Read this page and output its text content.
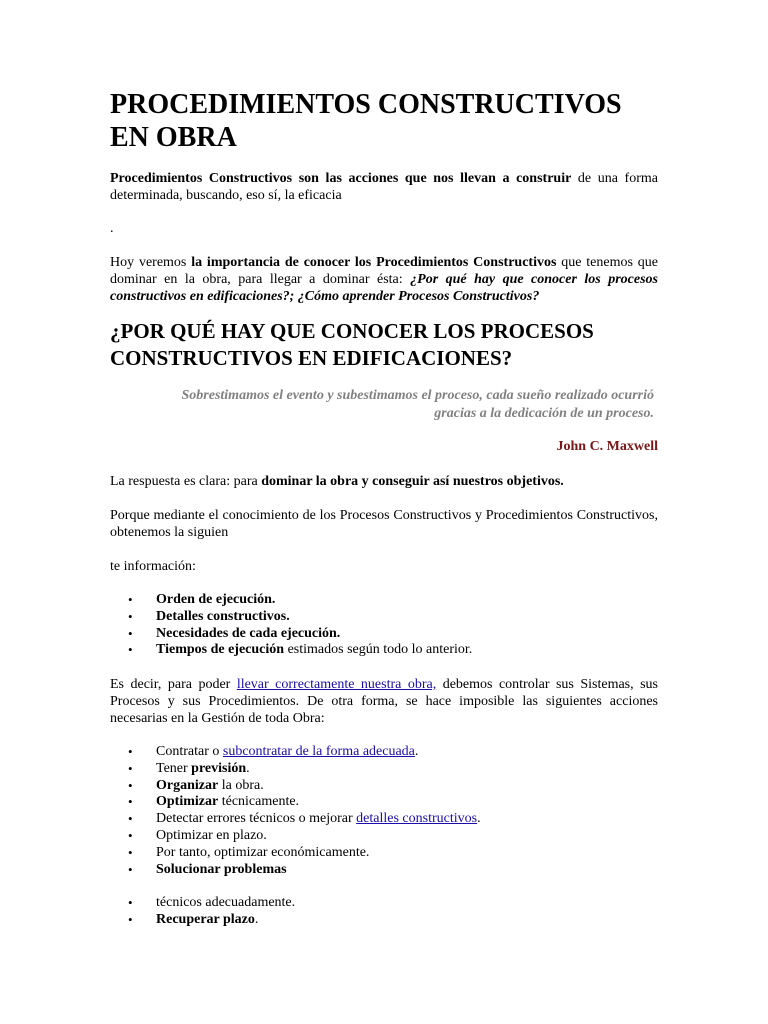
PROCEDIMIENTOS CONSTRUCTIVOS EN OBRA

Procedimientos Constructivos son las acciones que nos llevan a construir de una forma determinada, buscando, eso sí, la eficacia

.

Hoy veremos la importancia de conocer los Procedimientos Constructivos que tenemos que dominar en la obra, para llegar a dominar ésta: ¿Por qué hay que conocer los procesos constructivos en edificaciones?; ¿Cómo aprender Procesos Constructivos?

¿POR QUÉ HAY QUE CONOCER LOS PROCESOS CONSTRUCTIVOS EN EDIFICACIONES?
Sobrestimamos el evento y subestimamos el proceso, cada sueño realizado ocurrió
gracias a la dedicación de un proceso.
John C. Maxwell

La respuesta es clara: para dominar la obra y conseguir así nuestros objetivos.

Porque mediante el conocimiento de los Procesos Constructivos y Procedimientos Constructivos, obtenemos la siguien

te información:

• Orden de ejecución.
• Detalles constructivos.
• Necesidades de cada ejecución.
• Tiempos de ejecución estimados según todo lo anterior.

Es decir, para poder llevar correctamente nuestra obra, debemos controlar sus Sistemas, sus Procesos y sus Procedimientos. De otra forma, se hace imposible las siguientes acciones necesarias en la Gestión de toda Obra:

• Contratar o subcontratar de la forma adecuada.
• Tener previsión.
• Organizar la obra.
• Optimizar técnicamente.
• Detectar errores técnicos o mejorar detalles constructivos.
• Optimizar en plazo.
• Por tanto, optimizar económicamente.
• Solucionar problemas
• técnicos adecuadamente.
• Recuperar plazo.
